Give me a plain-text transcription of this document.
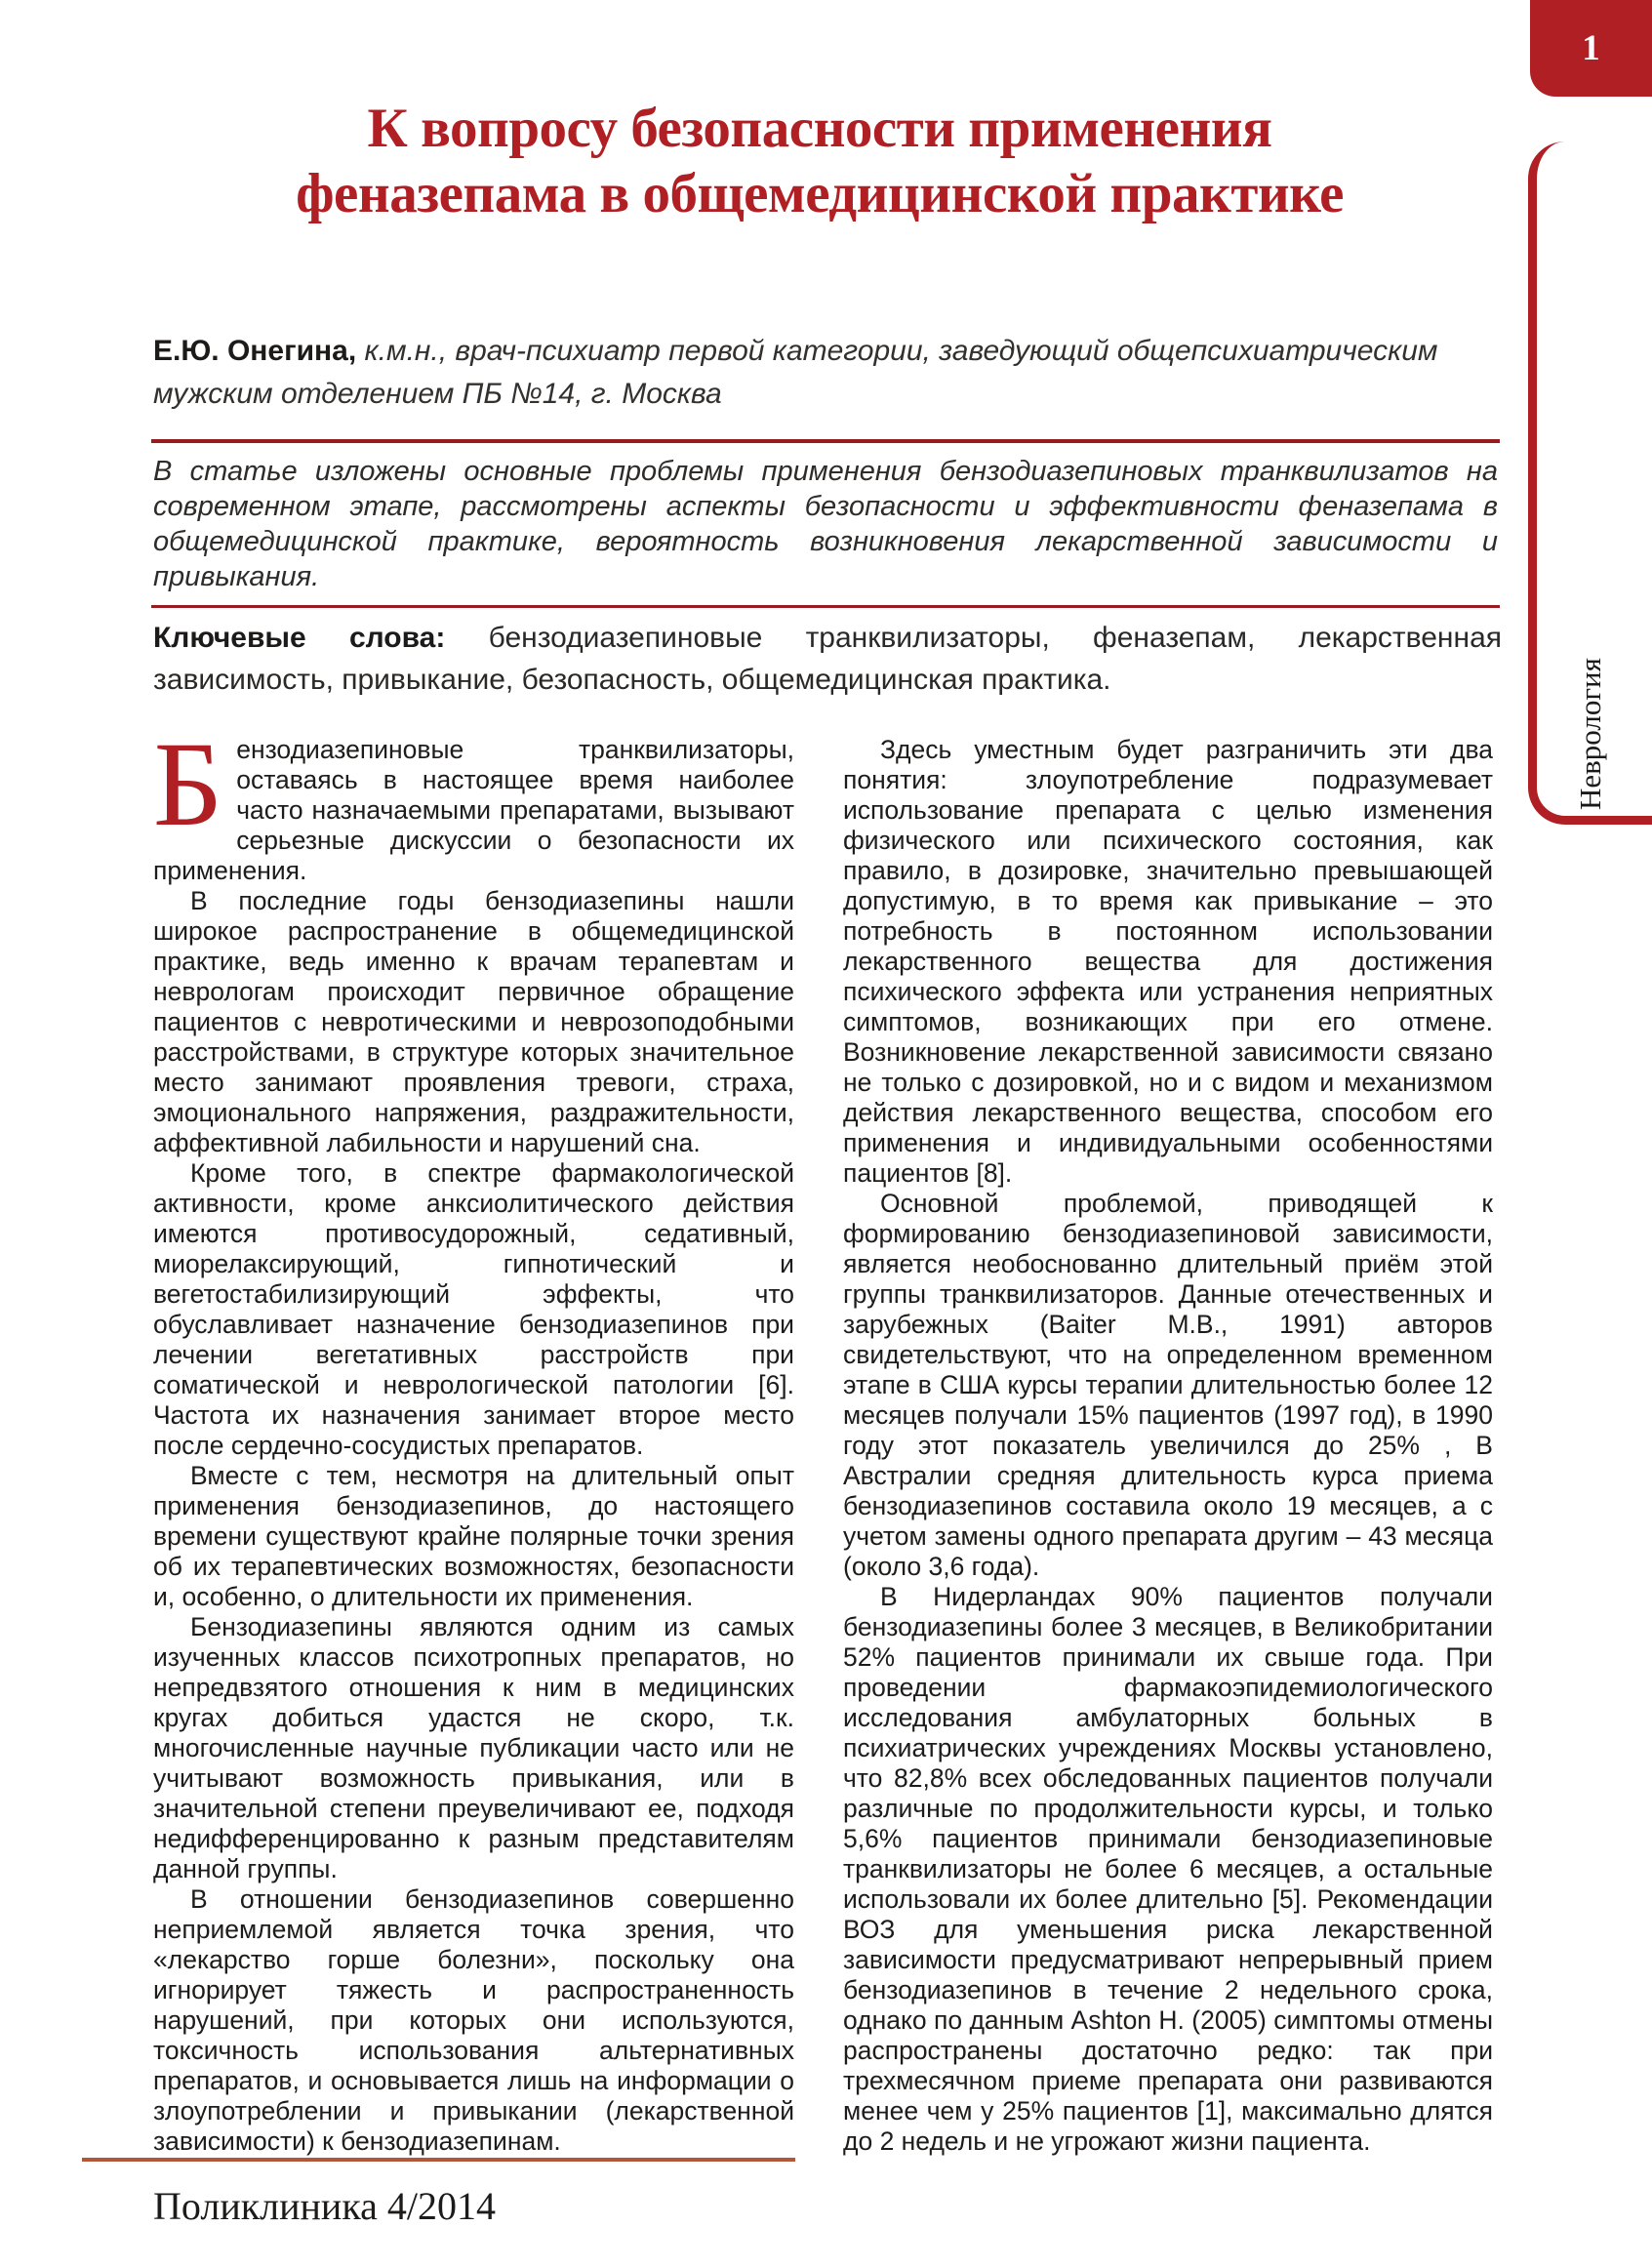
1
Неврология
К вопросу безопасности применения
феназепама в общемедицинской практике

Е.Ю. Онегина, к.м.н., врач-психиатр первой категории, заведующий общепсихиатрическим мужским отделением ПБ №14, г. Москва

В статье изложены основные проблемы применения бензодиазепиновых транквилизатов на современном этапе, рассмотрены аспекты безопасности и эффективности феназепама в общемедицинской практике, вероятность возникновения лекарственной зависимости и привыкания.

Ключевые слова: бензодиазепиновые транквилизаторы, феназепам, лекарственная зависимость, привыкание, безопасность, общемедицинская практика.

Бензодиазепиновые транквилизаторы, оставаясь в настоящее время наиболее часто назначаемыми препаратами, вызывают серьезные дискуссии о безопасности их применения.

В последние годы бензодиазепины нашли широкое распространение в общемедицинской практике, ведь именно к врачам терапевтам и неврологам происходит первичное обращение пациентов с невротическими и неврозоподобными расстройствами, в структуре которых значительное место занимают проявления тревоги, страха, эмоционального напряжения, раздражительности, аффективной лабильности и нарушений сна.

Кроме того, в спектре фармакологической активности, кроме анксиолитического действия имеются противосудорожный, седативный, миорелаксирующий, гипнотический и вегетостабилизирующий эффекты, что обуславливает назначение бензодиазепинов при лечении вегетативных расстройств при соматической и неврологической патологии [6]. Частота их назначения занимает второе место после сердечно-сосудистых препаратов.

Вместе с тем, несмотря на длительный опыт применения бензодиазепинов, до настоящего времени существуют крайне полярные точки зрения об их терапевтических возможностях, безопасности и, особенно, о длительности их применения.

Бензодиазепины являются одним из самых изученных классов психотропных препаратов, но непредвзятого отношения к ним в медицинских кругах добиться удастся не скоро, т.к. многочисленные научные публикации часто или не учитывают возможность привыкания, или в значительной степени преувеличивают ее, подходя недифференцированно к разным представителям данной группы.

В отношении бензодиазепинов совершенно неприемлемой является точка зрения, что «лекарство горше болезни», поскольку она игнорирует тяжесть и распространенность нарушений, при которых они используются, токсичность использования альтернативных препаратов, и основывается лишь на информации о злоупотреблении и привыкании (лекарственной зависимости) к бензодиазепинам.

Здесь уместным будет разграничить эти два понятия: злоупотребление подразумевает использование препарата с целью изменения физического или психического состояния, как правило, в дозировке, значительно превышающей допустимую, в то время как привыкание – это потребность в постоянном использовании лекарственного вещества для достижения психического эффекта или устранения неприятных симптомов, возникающих при его отмене. Возникновение лекарственной зависимости связано не только с дозировкой, но и с видом и механизмом действия лекарственного вещества, способом его применения и индивидуальными особенностями пациентов [8].

Основной проблемой, приводящей к формированию бензодиазепиновой зависимости, является необоснованно длительный приём этой группы транквилизаторов. Данные отечественных и зарубежных (Baiter M.B., 1991) авторов свидетельствуют, что на определенном временном этапе в США курсы терапии длительностью более 12 месяцев получали 15% пациентов (1997 год), в 1990 году этот показатель увеличился до 25% , В Австралии средняя длительность курса приема бензодиазепинов составила около 19 месяцев, а с учетом замены одного препарата другим – 43 месяца (около 3,6 года).

В Нидерландах 90% пациентов получали бензодиазепины более 3 месяцев, в Великобритании 52% пациентов принимали их свыше года. При проведении фармакоэпидемиологического исследования амбулаторных больных в психиатрических учреждениях Москвы установлено, что 82,8% всех обследованных пациентов получали различные по продолжительности курсы, и только 5,6% пациентов принимали бензодиазепиновые транквилизаторы не более 6 месяцев, а остальные использовали их более длительно [5]. Рекомендации ВОЗ для уменьшения риска лекарственной зависимости предусматривают непрерывный прием бензодиазепинов в течение 2 недельного срока, однако по данным Ashton H. (2005) симптомы отмены распространены достаточно редко: так при трехмесячном приеме препарата они развиваются менее чем у 25% пациентов [1], максимально длятся до 2 недель и не угрожают жизни пациента.

Поликлиника 4/2014
